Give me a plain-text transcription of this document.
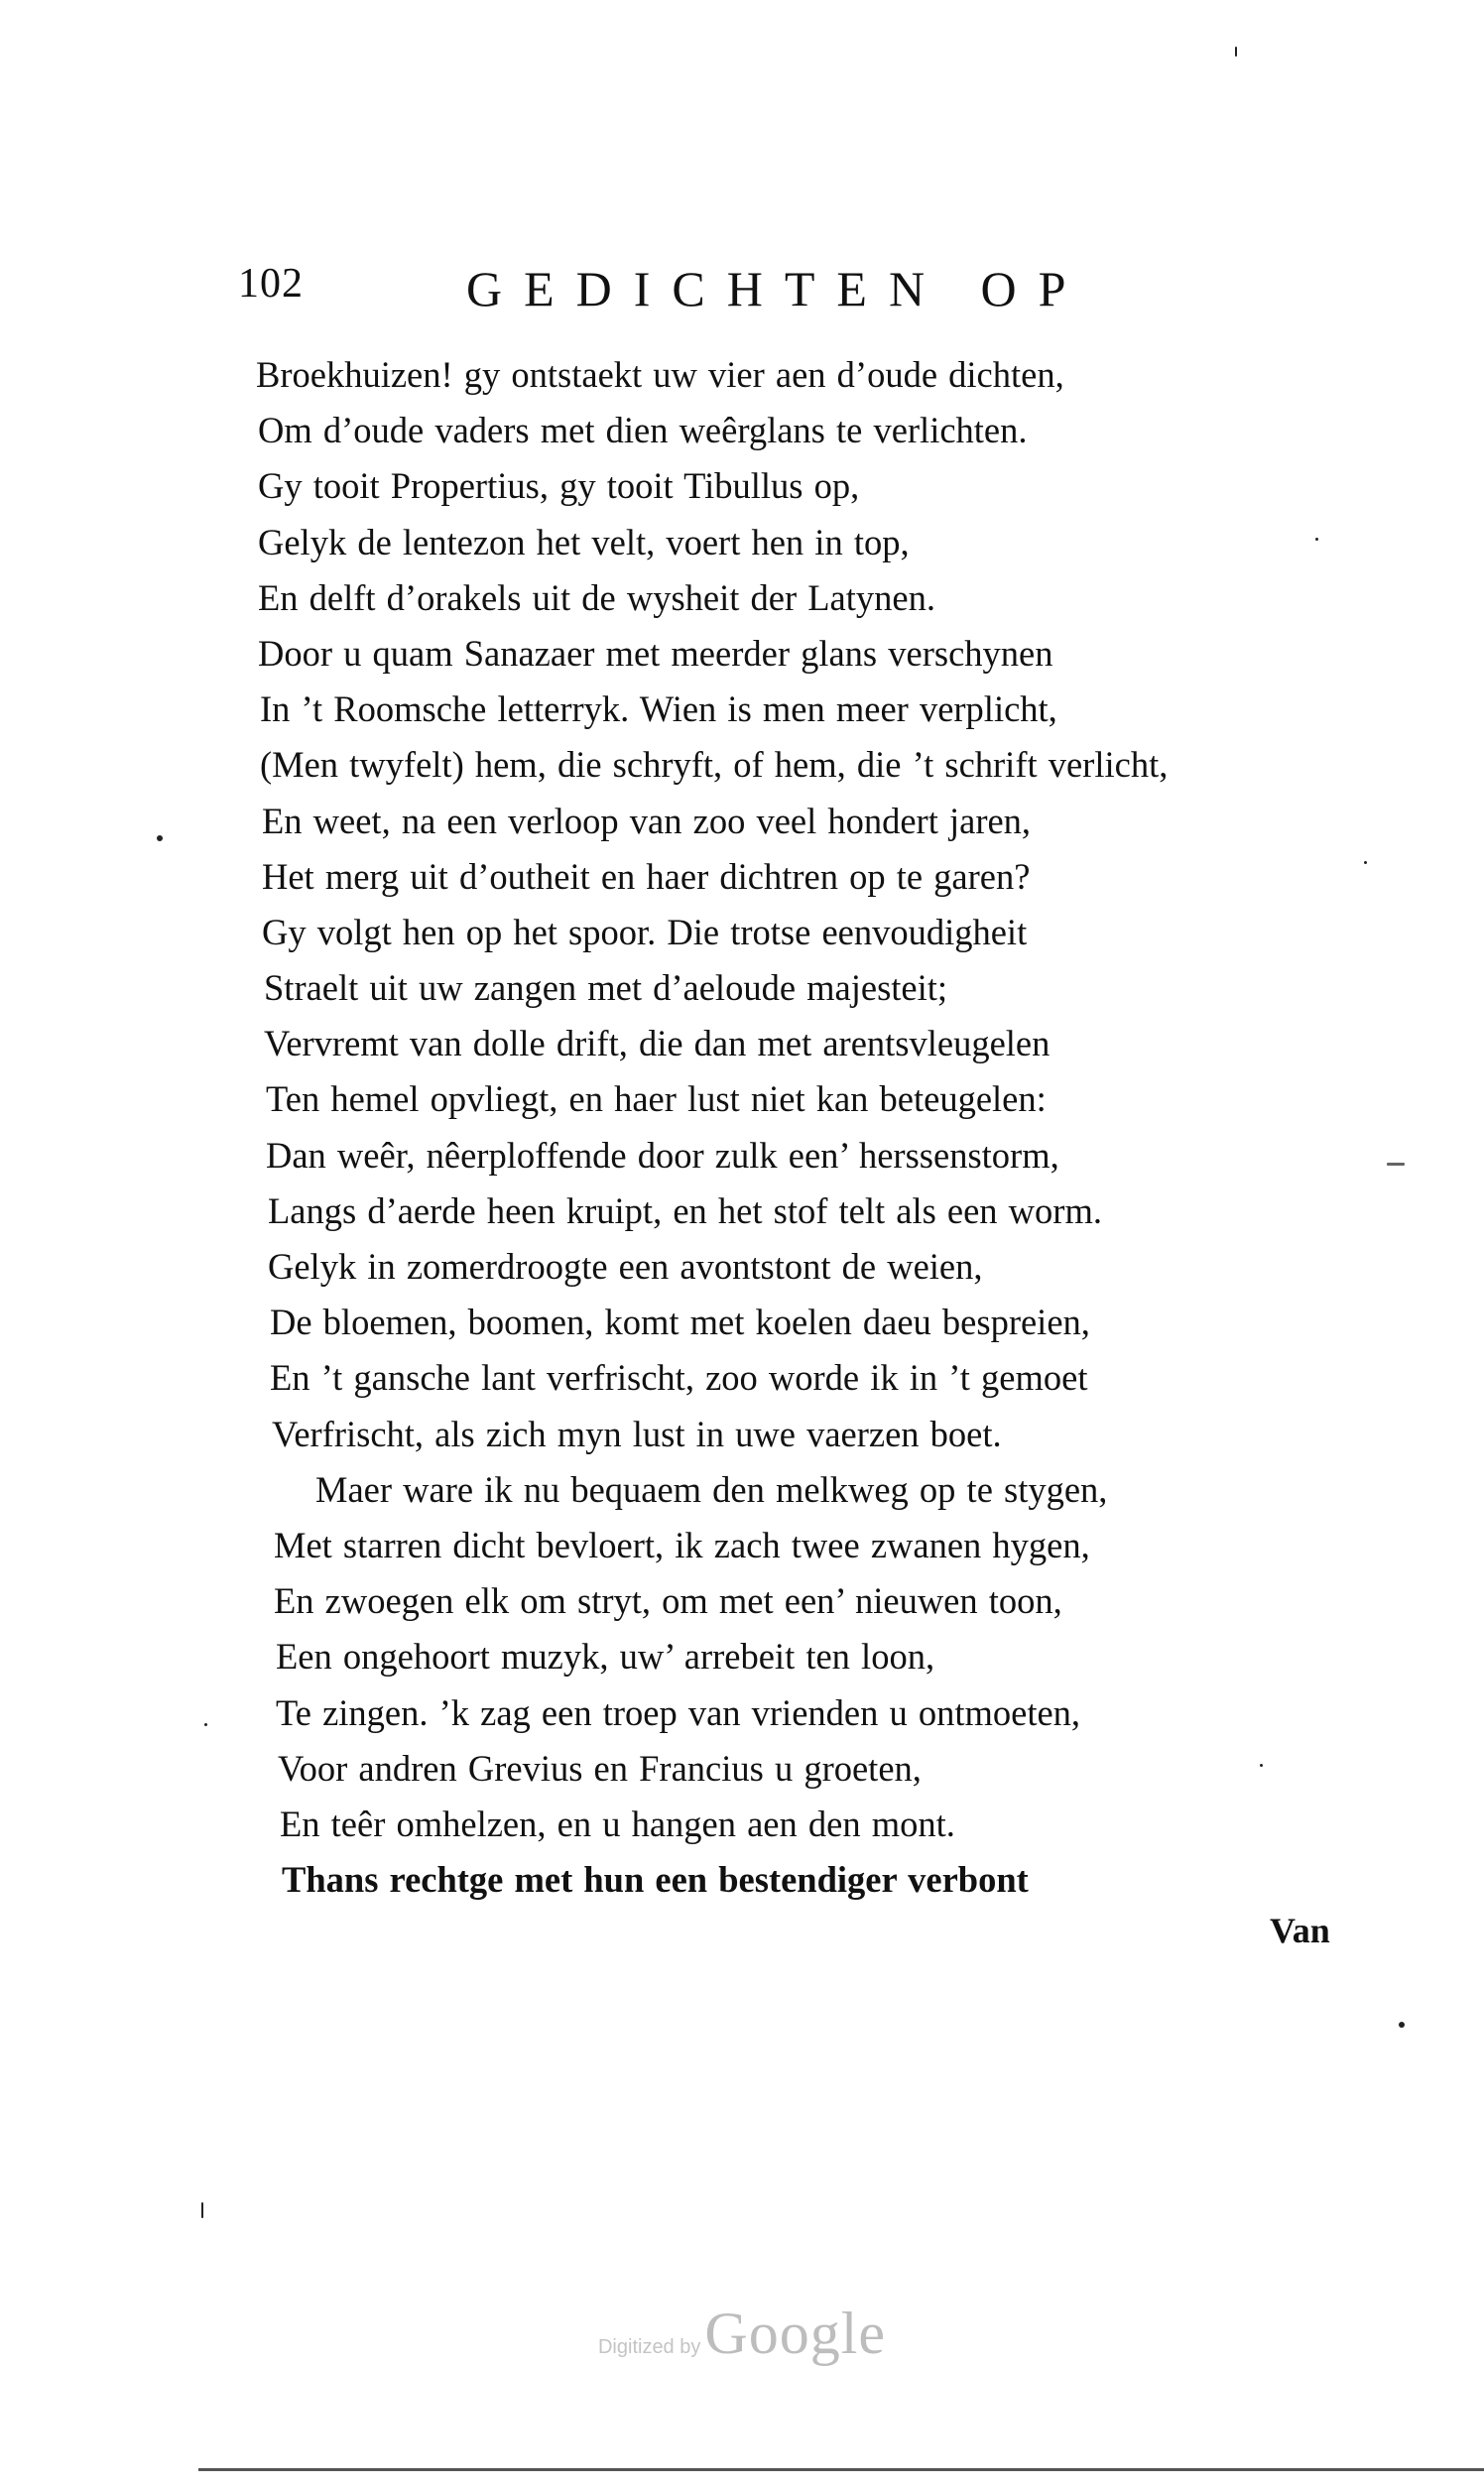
102	GEDICHTEN OP
Broekhuizen! gy ontstaekt uw vier aen d’oude dichten,
Om d’oude vaders met dien weêrglans te verlichten.
Gy tooit Propertius, gy tooit Tibullus op,
Gelyk de lentezon het velt, voert hen in top,
En delft d’orakels uit de wysheit der Latynen.
Door u quam Sanazaer met meerder glans verschynen
In ’t Roomsche letterryk. Wien is men meer verplicht,
(Men twyfelt) hem, die schryft, of hem, die ’t schrift verlicht,
En weet, na een verloop van zoo veel hondert jaren,
Het merg uit d’outheit en haer dichtren op te garen?
Gy volgt hen op het spoor. Die trotse eenvoudigheit
Straelt uit uw zangen met d’aeloude majesteit;
Vervremt van dolle drift, die dan met arentsvleugelen
Ten hemel opvliegt, en haer lust niet kan beteugelen:
Dan weêr, nêerploffende door zulk een’ herssenstorm,
Langs d’aerde heen kruipt, en het stof telt als een worm.
Gelyk in zomerdroogte een avontstont de weien,
De bloemen, boomen, komt met koelen daeu bespreien,
En ’t gansche lant verfrischt, zoo worde ik in ’t gemoet
Verfrischt, als zich myn lust in uwe vaerzen boet.
Maer ware ik nu bequaem den melkweg op te stygen,
Met starren dicht bevloert, ik zach twee zwanen hygen,
En zwoegen elk om stryt, om met een’ nieuwen toon,
Een ongehoort muzyk, uw’ arrebeit ten loon,
Te zingen. ’k zag een troep van vrienden u ontmoeten,
Voor andren Grevius en Francius u groeten,
En teêr omhelzen, en u hangen aen den mont.
Thans rechtge met hun een bestendiger verbont
Van
Digitized by Google
